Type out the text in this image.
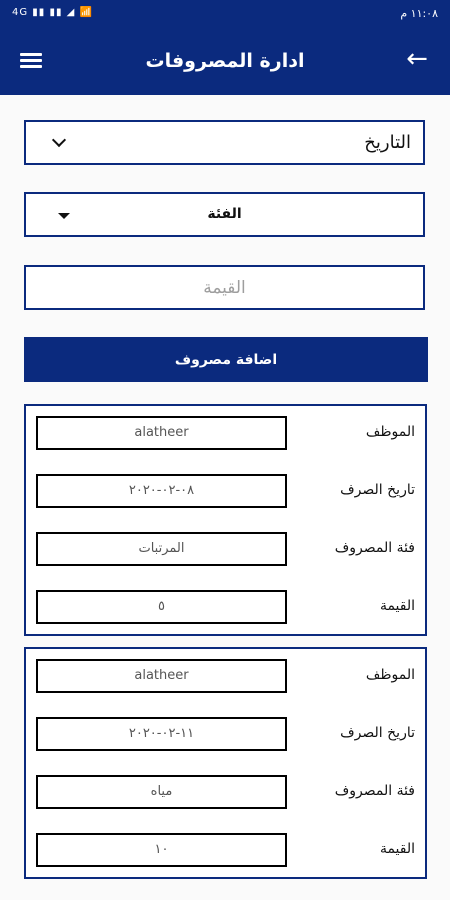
4G ▮▮ ▮▮ ◢ 📶	١١:٠٨ م
ادارة المصروفات	←
التاريخ
الفئة
القيمة
اضافة مصروف
الموظف
alatheer
تاريخ الصرف
٠٨-٠٢-٢٠٢٠
فئة المصروف
المرتبات
القيمة
٥
الموظف
alatheer
تاريخ الصرف
١١-٠٢-٢٠٢٠
فئة المصروف
مياه
القيمة
١٠
